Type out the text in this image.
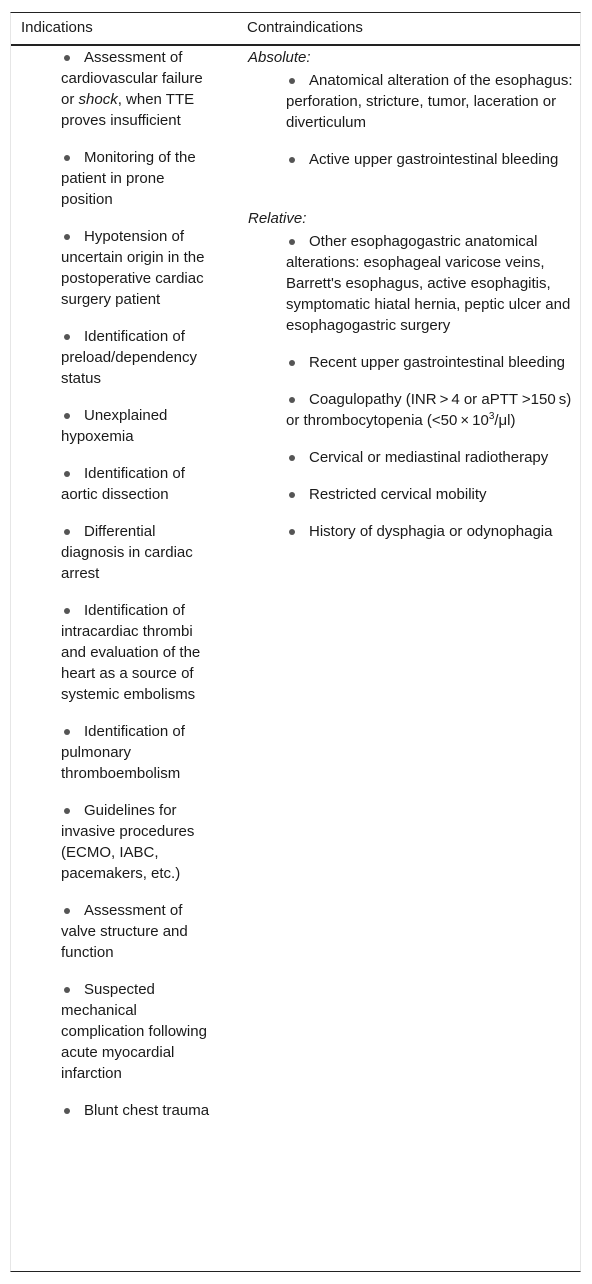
Indications	Contraindications
Assessment of cardiovascular failure or shock, when TTE proves insufficient
Monitoring of the patient in prone position
Hypotension of uncertain origin in the postoperative cardiac surgery patient
Identification of preload/dependency status
Unexplained hypoxemia
Identification of aortic dissection
Differential diagnosis in cardiac arrest
Identification of intracardiac thrombi and evaluation of the heart as a source of systemic embolisms
Identification of pulmonary thromboembolism
Guidelines for invasive procedures (ECMO, IABC, pacemakers, etc.)
Assessment of valve structure and function
Suspected mechanical complication following acute myocardial infarction
Blunt chest trauma
Absolute:
Anatomical alteration of the esophagus: perforation, stricture, tumor, laceration or diverticulum
Active upper gastrointestinal bleeding
Relative:
Other esophagogastric anatomical alterations: esophageal varicose veins, Barrett's esophagus, active esophagitis, symptomatic hiatal hernia, peptic ulcer and esophagogastric surgery
Recent upper gastrointestinal bleeding
Coagulopathy (INR > 4 or aPTT >150 s) or thrombocytopenia $(<50 \times 10^3/\mu l)$
Cervical or mediastinal radiotherapy
Restricted cervical mobility
History of dysphagia or odynophagia
